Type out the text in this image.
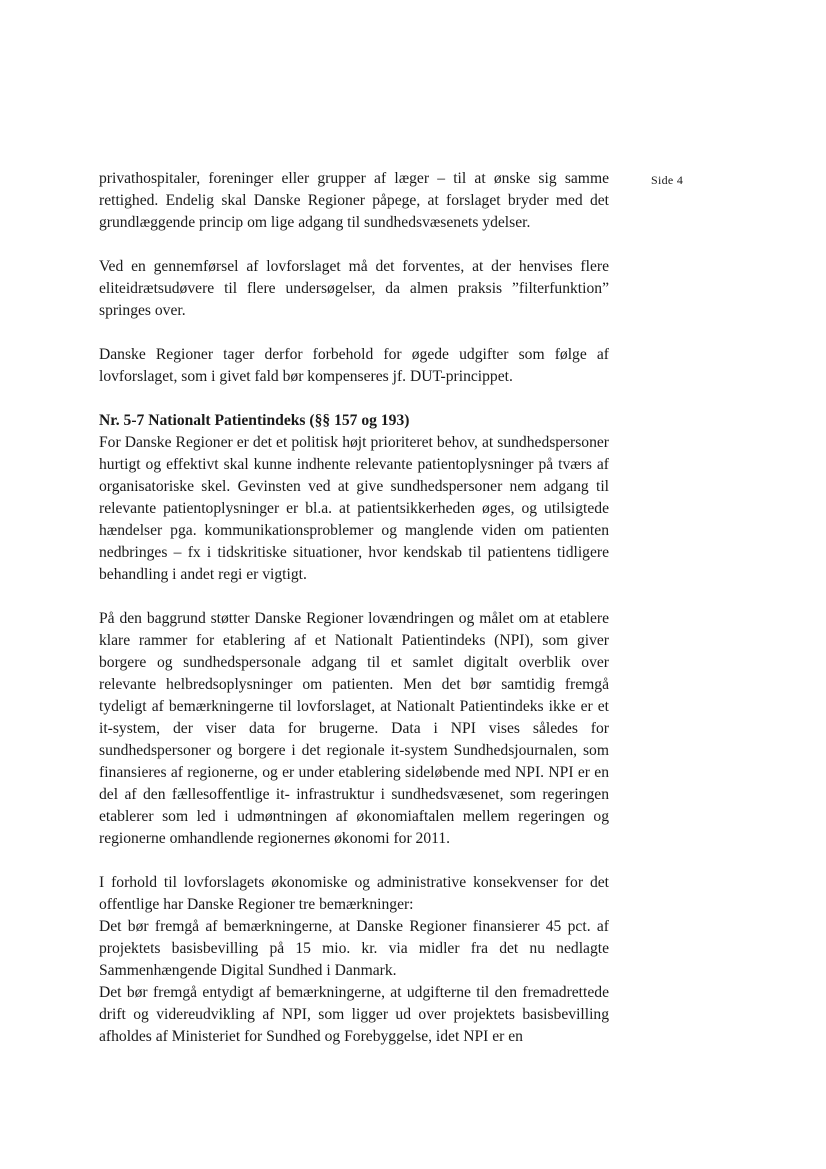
Side 4

privathospitaler, foreninger eller grupper af læger – til at ønske sig samme rettighed. Endelig skal Danske Regioner påpege, at forslaget bryder med det grundlæggende princip om lige adgang til sundhedsvæsenets ydelser.

Ved en gennemførsel af lovforslaget må det forventes, at der henvises flere eliteidrætsudøvere til flere undersøgelser, da almen praksis ”filterfunktion” springes over.

Danske Regioner tager derfor forbehold for øgede udgifter som følge af lovforslaget, som i givet fald bør kompenseres jf. DUT-princippet.

Nr. 5-7 Nationalt Patientindeks (§§ 157 og 193)

For Danske Regioner er det et politisk højt prioriteret behov, at sundhedspersoner hurtigt og effektivt skal kunne indhente relevante patientoplysninger på tværs af organisatoriske skel. Gevinsten ved at give sundhedspersoner nem adgang til relevante patientoplysninger er bl.a. at patientsikkerheden øges, og utilsigtede hændelser pga. kommunikationsproblemer og manglende viden om patienten nedbringes – fx i tidskritiske situationer, hvor kendskab til patientens tidligere behandling i andet regi er vigtigt.

På den baggrund støtter Danske Regioner lovændringen og målet om at etablere klare rammer for etablering af et Nationalt Patientindeks (NPI), som giver borgere og sundhedspersonale adgang til et samlet digitalt overblik over relevante helbredsoplysninger om patienten. Men det bør samtidig fremgå tydeligt af bemærkningerne til lovforslaget, at Nationalt Patientindeks ikke er et it-system, der viser data for brugerne. Data i NPI vises således for sundhedspersoner og borgere i det regionale it-system Sundhedsjournalen, som finansieres af regionerne, og er under etablering sideløbende med NPI. NPI er en del af den fællesoffentlige it- infrastruktur i sundhedsvæsenet, som regeringen etablerer som led i udmøntningen af økonomiaftalen mellem regeringen og regionerne omhandlende regionernes økonomi for 2011.

I forhold til lovforslagets økonomiske og administrative konsekvenser for det offentlige har Danske Regioner tre bemærkninger:

Det bør fremgå af bemærkningerne, at Danske Regioner finansierer 45 pct. af projektets basisbevilling på 15 mio. kr. via midler fra det nu nedlagte Sammenhængende Digital Sundhed i Danmark.

Det bør fremgå entydigt af bemærkningerne, at udgifterne til den fremadrettede drift og videreudvikling af NPI, som ligger ud over projektets basisbevilling afholdes af Ministeriet for Sundhed og Forebyggelse, idet NPI er en
